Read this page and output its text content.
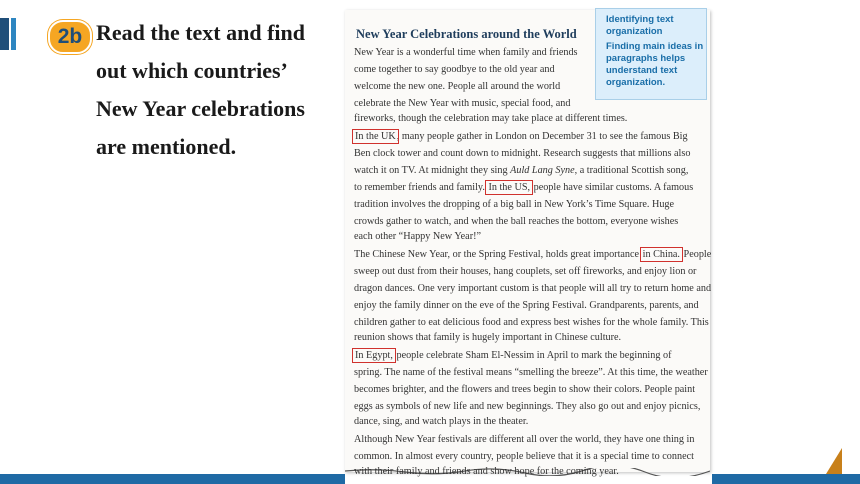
2b Read the text and find
out which countries’
New Year celebrations
are mentioned.
Identifying text organization
Finding main ideas in paragraphs helps understand text organization.
New Year Celebrations around the World
New Year is a wonderful time when family and friends
come together to say goodbye to the old year and
welcome the new one. People all around the world
celebrate the New Year with music, special food, and
fireworks, though the celebration may take place at different times.
In the UK, many people gather in London on December 31 to see the famous Big
Ben clock tower and count down to midnight. Research suggests that millions also
watch it on TV. At midnight they sing Auld Lang Syne, a traditional Scottish song,
to remember friends and family. In the US, people have similar customs. A famous
tradition involves the dropping of a big ball in New York’s Time Square. Huge
crowds gather to watch, and when the ball reaches the bottom, everyone wishes
each other “Happy New Year!”
The Chinese New Year, or the Spring Festival, holds great importance in China. People
sweep out dust from their houses, hang couplets, set off fireworks, and enjoy lion or
dragon dances. One very important custom is that people will all try to return home and
enjoy the family dinner on the eve of the Spring Festival. Grandparents, parents, and
children gather to eat delicious food and express best wishes for the whole family. This
reunion shows that family is hugely important in Chinese culture.
In Egypt, people celebrate Sham El-Nessim in April to mark the beginning of
spring. The name of the festival means “smelling the breeze”. At this time, the weather
becomes brighter, and the flowers and trees begin to show their colors. People paint
eggs as symbols of new life and new beginnings. They also go out and enjoy picnics,
dance, sing, and watch plays in the theater.
Although New Year festivals are different all over the world, they have one thing in
common. In almost every country, people believe that it is a special time to connect
with their family and friends and show hope for the coming year.
